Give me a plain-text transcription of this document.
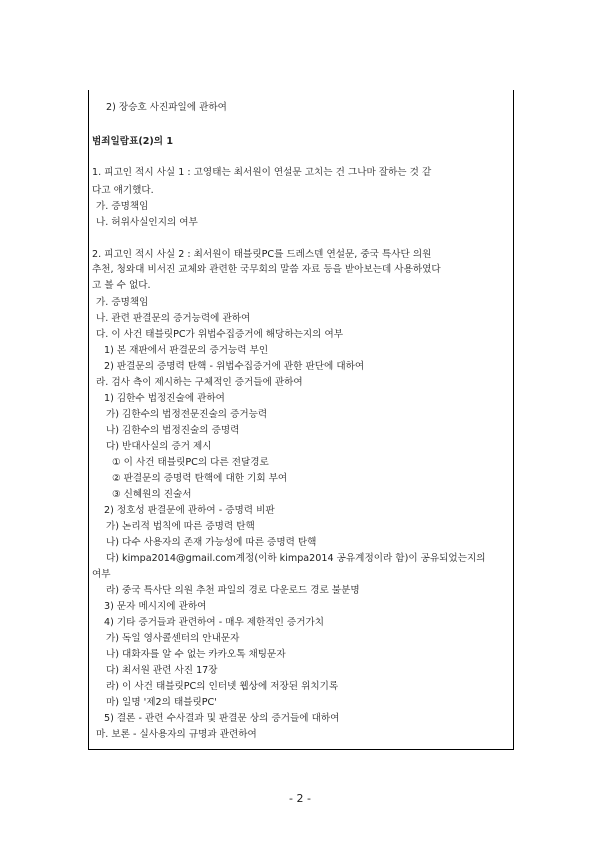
2) 장승호 사진파일에 관하여
범죄일람표(2)의 1
1. 피고인 적시 사실 1 : 고영태는 최서원이 연설문 고치는 건 그나마 잘하는 것 같
다고 얘기했다.
가. 증명책임
나. 허위사실인지의 여부
2. 피고인 적시 사실 2 : 최서원이 태블릿PC를 드레스덴 연설문, 중국 특사단 의원
추천, 청와대 비서진 교체와 관련한 국무회의 말씀 자료 등을 받아보는데 사용하였다
고 볼 수 없다.
가. 증명책임
나. 관련 판결문의 증거능력에 관하여
다. 이 사건 태블릿PC가 위법수집증거에 해당하는지의 여부
1) 본 재판에서 판결문의 증거능력 부인
2) 판결문의 증명력 탄핵 - 위법수집증거에 관한 판단에 대하여
라. 검사 측이 제시하는 구체적인 증거들에 관하여
1) 김한수 법정진술에 관하여
가) 김한수의 법정전문진술의 증거능력
나) 김한수의 법정진술의 증명력
다) 반대사실의 증거 제시
① 이 사건 태블릿PC의 다른 전달경로
② 판결문의 증명력 탄핵에 대한 기회 부여
③ 신혜원의 진술서
2) 정호성 판결문에 관하여 - 증명력 비판
가) 논리적 법칙에 따른 증명력 탄핵
나) 다수 사용자의 존재 가능성에 따른 증명력 탄핵
다) kimpa2014@gmail.com계정(이하 kimpa2014 공유계정이라 함)이 공유되었는지의
여부
라) 중국 특사단 의원 추천 파일의 경로 다운로드 경로 불분명
3) 문자 메시지에 관하여
4) 기타 증거들과 관련하여 - 매우 제한적인 증거가치
가) 독일 영사콜센터의 안내문자
나) 대화자를 알 수 없는 카카오톡 채팅문자
다) 최서원 관련 사진 17장
라) 이 사건 태블릿PC의 인터넷 웹상에 저장된 위치기록
마) 일명 '제2의 태블릿PC'
5) 결론 - 관련 수사결과 및 판결문 상의 증거들에 대하여
마. 보론 - 실사용자의 규명과 관련하여
- 2 -
